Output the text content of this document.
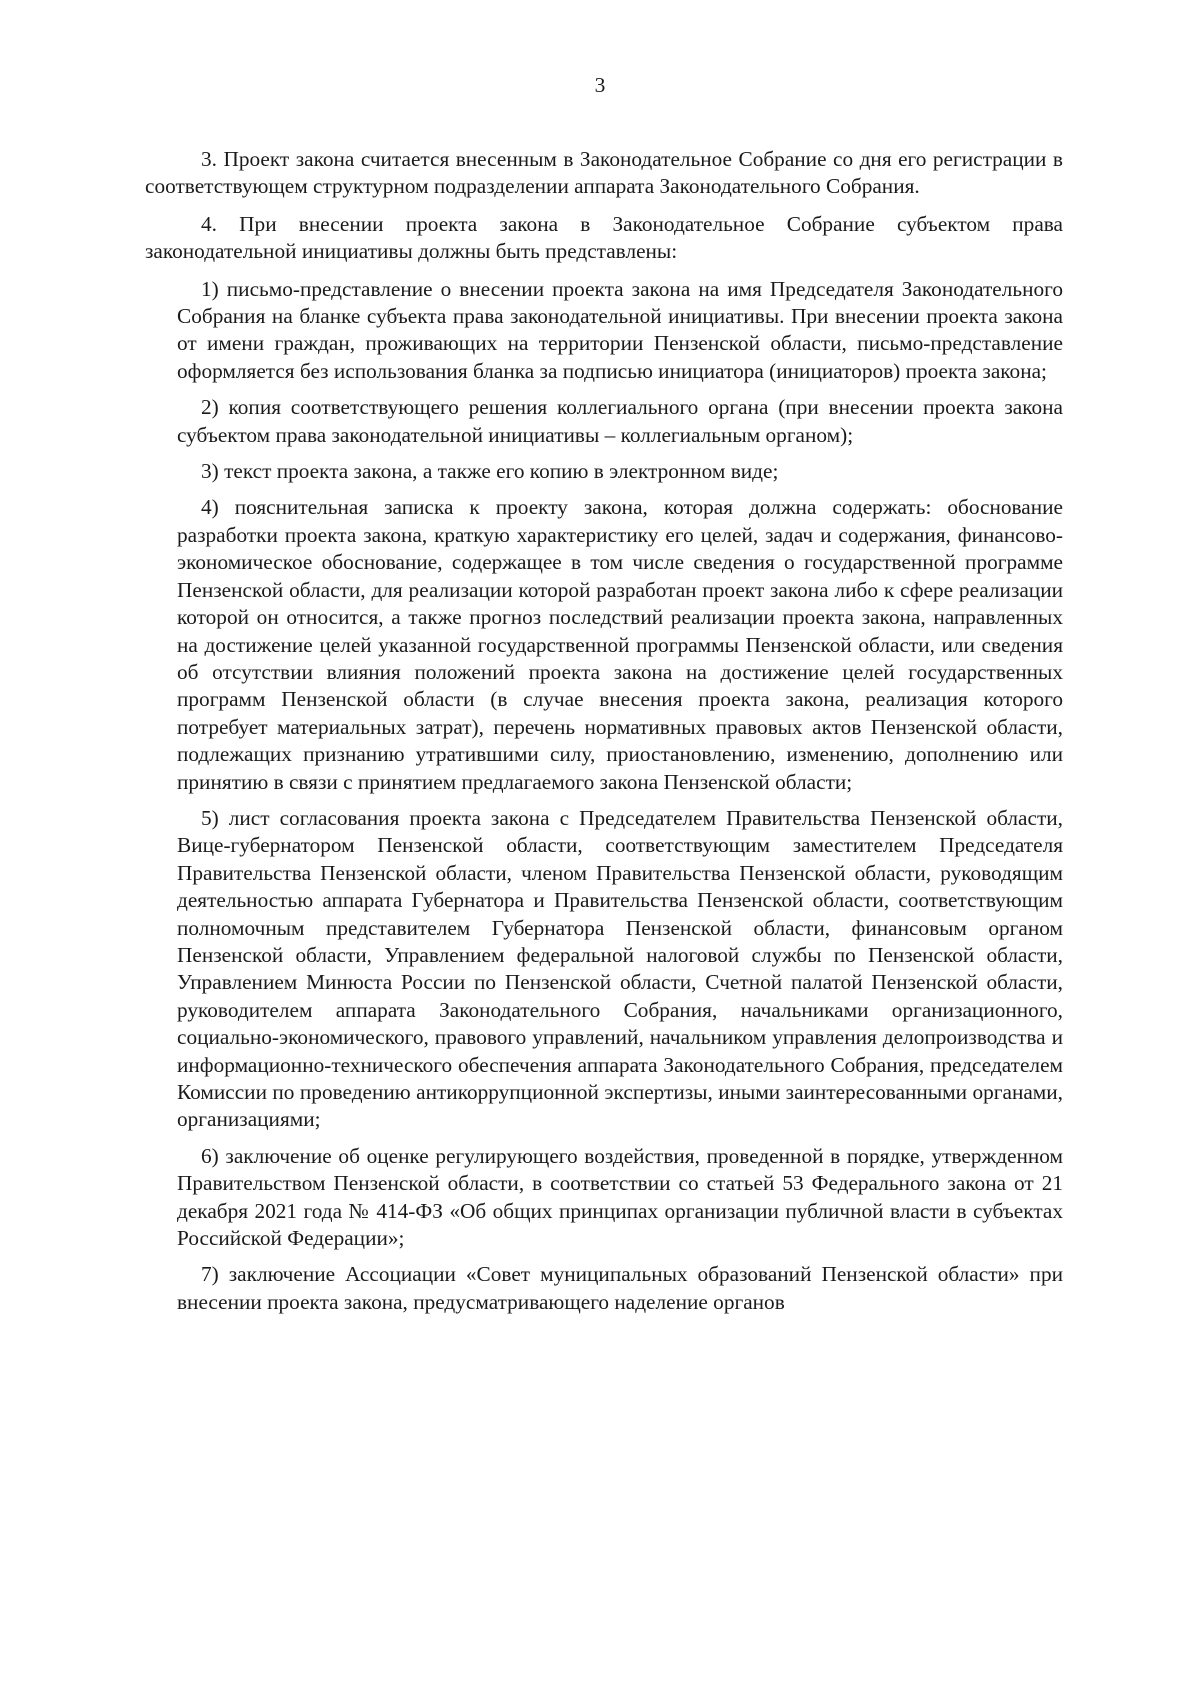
3

3. Проект закона считается внесенным в Законодательное Собрание со дня его регистрации в соответствующем структурном подразделении аппарата Законодательного Собрания.

4. При внесении проекта закона в Законодательное Собрание субъектом права законодательной инициативы должны быть представлены:

1) письмо-представление о внесении проекта закона на имя Председателя Законодательного Собрания на бланке субъекта права законодательной инициативы. При внесении проекта закона от имени граждан, проживающих на территории Пензенской области, письмо-представление оформляется без использования бланка за подписью инициатора (инициаторов) проекта закона;

2) копия соответствующего решения коллегиального органа (при внесении проекта закона субъектом права законодательной инициативы – коллегиальным органом);

3) текст проекта закона, а также его копию в электронном виде;

4) пояснительная записка к проекту закона, которая должна содержать: обоснование разработки проекта закона, краткую характеристику его целей, задач и содержания, финансово-экономическое обоснование, содержащее в том числе сведения о государственной программе Пензенской области, для реализации которой разработан проект закона либо к сфере реализации которой он относится, а также прогноз последствий реализации проекта закона, направленных на достижение целей указанной государственной программы Пензенской области, или сведения об отсутствии влияния положений проекта закона на достижение целей государственных программ Пензенской области (в случае внесения проекта закона, реализация которого потребует материальных затрат), перечень нормативных правовых актов Пензенской области, подлежащих признанию утратившими силу, приостановлению, изменению, дополнению или принятию в связи с принятием предлагаемого закона Пензенской области;

5) лист согласования проекта закона с Председателем Правительства Пензенской области, Вице-губернатором Пензенской области, соответствующим заместителем Председателя Правительства Пензенской области, членом Правительства Пензенской области, руководящим деятельностью аппарата Губернатора и Правительства Пензенской области, соответствующим полномочным представителем Губернатора Пензенской области, финансовым органом Пензенской области, Управлением федеральной налоговой службы по Пензенской области, Управлением Минюста России по Пензенской области, Счетной палатой Пензенской области, руководителем аппарата Законодательного Собрания, начальниками организационного, социально-экономического, правового управлений, начальником управления делопроизводства и информационно-технического обеспечения аппарата Законодательного Собрания, председателем Комиссии по проведению антикоррупционной экспертизы, иными заинтересованными органами, организациями;

6) заключение об оценке регулирующего воздействия, проведенной в порядке, утвержденном Правительством Пензенской области, в соответствии со статьей 53 Федерального закона от 21 декабря 2021 года № 414-ФЗ «Об общих принципах организации публичной власти в субъектах Российской Федерации»;

7) заключение Ассоциации «Совет муниципальных образований Пензенской области» при внесении проекта закона, предусматривающего наделение органов
